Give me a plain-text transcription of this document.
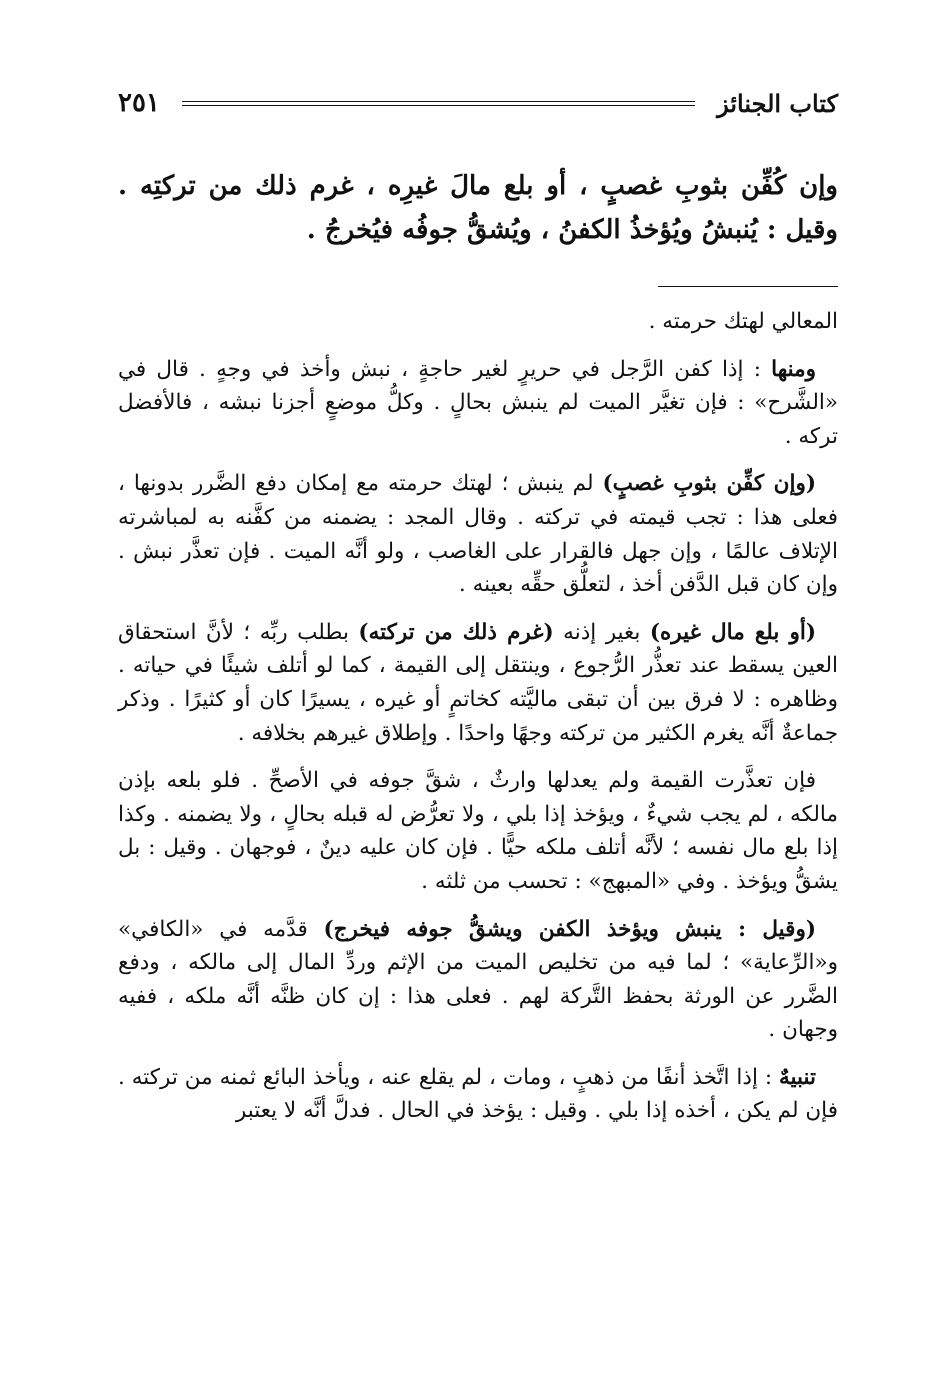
كتاب الجنائز
٢٥١

وإن كُفِّن بثوبِ غصبٍ ، أو بلع مالَ غيرِه ، غرم ذلك من تركتِه . وقيل : يُنبشُ ويُؤخذُ الكفنُ ، ويُشقُّ جوفُه فيُخرجُ .

المعالي لهتك حرمته .

ومنها : إذا كفن الرَّجل في حريرٍ لغير حاجةٍ ، نبش وأخذ في وجهٍ . قال في «الشَّرح» : فإن تغيَّر الميت لم ينبش بحالٍ . وكلُّ موضعٍ أجزنا نبشه ، فالأفضل تركه .

(وإن كفِّن بثوبِ غصبٍ) لم ينبش ؛ لهتك حرمته مع إمكان دفع الضَّرر بدونها ، فعلى هذا : تجب قيمته في تركته . وقال المجد : يضمنه من كفَّنه به لمباشرته الإتلاف عالمًا ، وإن جهل فالقرار على الغاصب ، ولو أنَّه الميت . فإن تعذَّر نبش . وإن كان قبل الدَّفن أخذ ، لتعلُّق حقِّه بعينه .

(أو بلع مال غيره) بغير إذنه (غرم ذلك من تركته) بطلب ربِّه ؛ لأنَّ استحقاق العين يسقط عند تعذُّر الرُّجوع ، وينتقل إلى القيمة ، كما لو أتلف شيئًا في حياته . وظاهره : لا فرق بين أن تبقى ماليَّته كخاتمٍ أو غيره ، يسيرًا كان أو كثيرًا . وذكر جماعةٌ أنَّه يغرم الكثير من تركته وجهًا واحدًا . وإطلاق غيرهم بخلافه .

فإن تعذَّرت القيمة ولم يعدلها وارثٌ ، شقَّ جوفه في الأصحِّ . فلو بلعه بإذن مالكه ، لم يجب شيءٌ ، ويؤخذ إذا بلي ، ولا تعرُّض له قبله بحالٍ ، ولا يضمنه . وكذا إذا بلع مال نفسه ؛ لأنَّه أتلف ملكه حيًّا . فإن كان عليه دينٌ ، فوجهان . وقيل : بل يشقُّ ويؤخذ . وفي «المبهج» : تحسب من ثلثه .

(وقيل : ينبش ويؤخذ الكفن ويشقُّ جوفه فيخرج) قدَّمه في «الكافي» و«الرِّعاية» ؛ لما فيه من تخليص الميت من الإثم وردِّ المال إلى مالكه ، ودفع الضَّرر عن الورثة بحفظ التَّركة لهم . فعلى هذا : إن كان ظنَّه أنَّه ملكه ، ففيه وجهان .

تنبيهٌ : إذا اتَّخذ أنفًا من ذهبٍ ، ومات ، لم يقلع عنه ، ويأخذ البائع ثمنه من تركته . فإن لم يكن ، أخذه إذا بلي . وقيل : يؤخذ في الحال . فدلَّ أنَّه لا يعتبر
